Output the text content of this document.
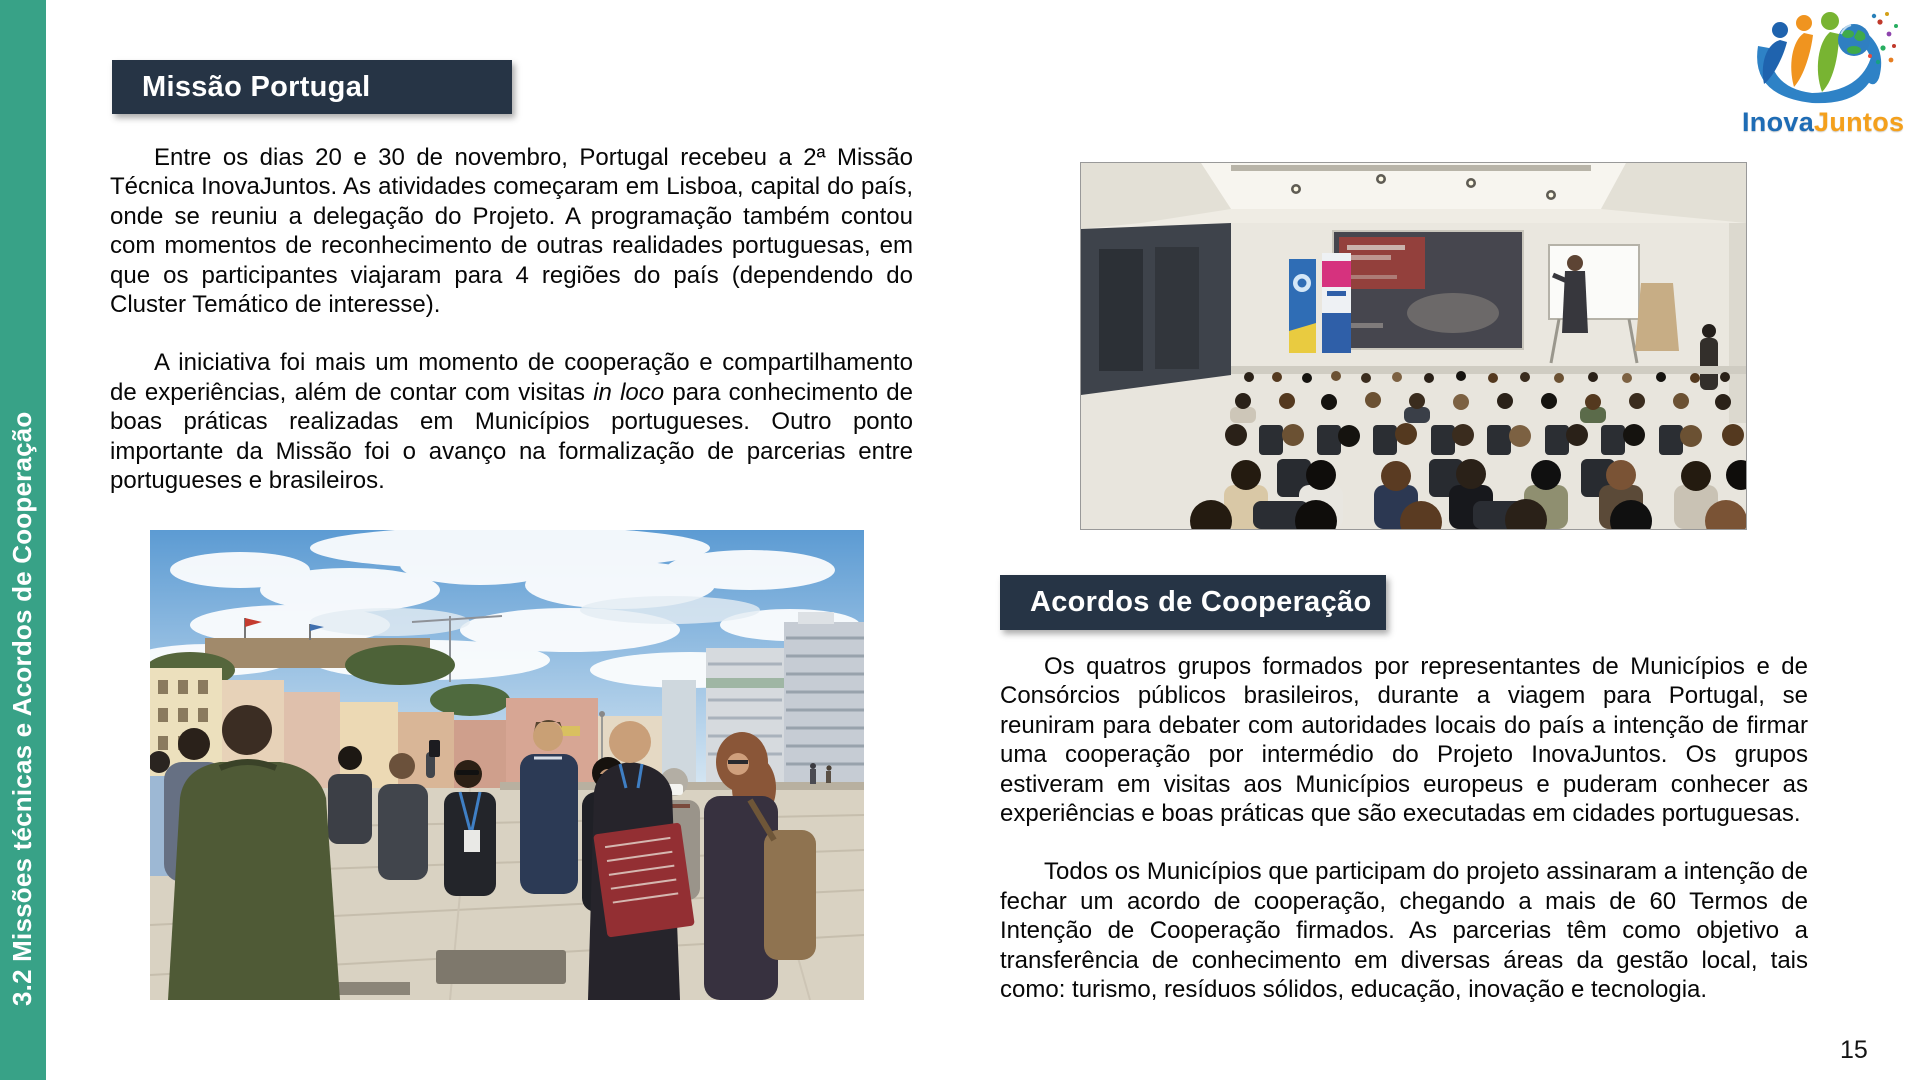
3.2 Missões técnicas e Acordos de Cooperação
InovaJuntos
Missão Portugal

Entre os dias 20 e 30 de novembro, Portugal recebeu a 2ª Missão Técnica InovaJuntos. As atividades começaram em Lisboa, capital do país, onde se reuniu a delegação do Projeto. A programação também contou com momentos de reconhecimento de outras realidades portuguesas, em que os participantes viajaram para 4 regiões do país (dependendo do Cluster Temático de interesse).

A iniciativa foi mais um momento de cooperação e compartilhamento de experiências, além de contar com visitas in loco para conhecimento de boas práticas realizadas em Municípios portugueses. Outro ponto importante da Missão foi o avanço na formalização de parcerias entre portugueses e brasileiros.

Acordos de Cooperação

Os quatros grupos formados por representantes de Municípios e de Consórcios públicos brasileiros, durante a viagem para Portugal, se reuniram para debater com autoridades locais do país a intenção de firmar uma cooperação por intermédio do Projeto InovaJuntos. Os grupos estiveram em visitas aos Municípios europeus e puderam conhecer as experiências e boas práticas que são executadas em cidades portuguesas.

Todos os Municípios que participam do projeto assinaram a intenção de fechar um acordo de cooperação, chegando a mais de 60 Termos de Intenção de Cooperação firmados. As parcerias têm como objetivo a transferência de conhecimento em diversas áreas da gestão local, tais como: turismo, resíduos sólidos, educação, inovação e tecnologia.

15
